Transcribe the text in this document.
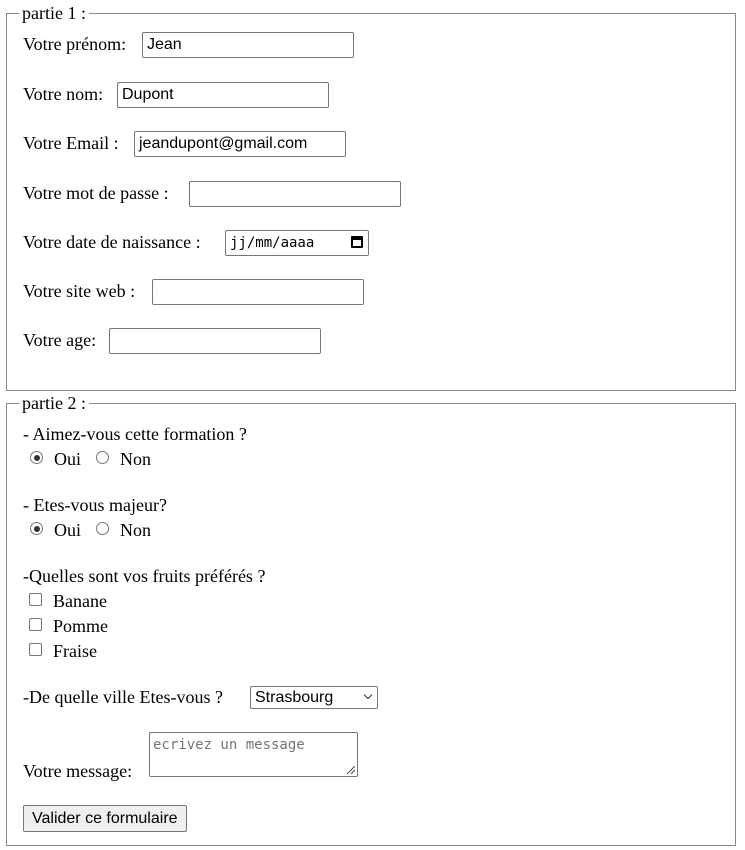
partie 1 :
Votre prénom:	Jean
Votre nom:	Dupont
Votre Email :	jeandupont@gmail.com
Votre mot de passe :
Votre date de naissance :	jj/mm/aaaa
Votre site web :
Votre age:
partie 2 :
- Aimez-vous cette formation ?
Oui Non
- Etes-vous majeur?
Oui Non
-Quelles sont vos fruits préférés ?
Banane
Pomme
Fraise
-De quelle ville Etes-vous ?	Strasbourg
Votre message:
ecrivez un message
Valider ce formulaire
